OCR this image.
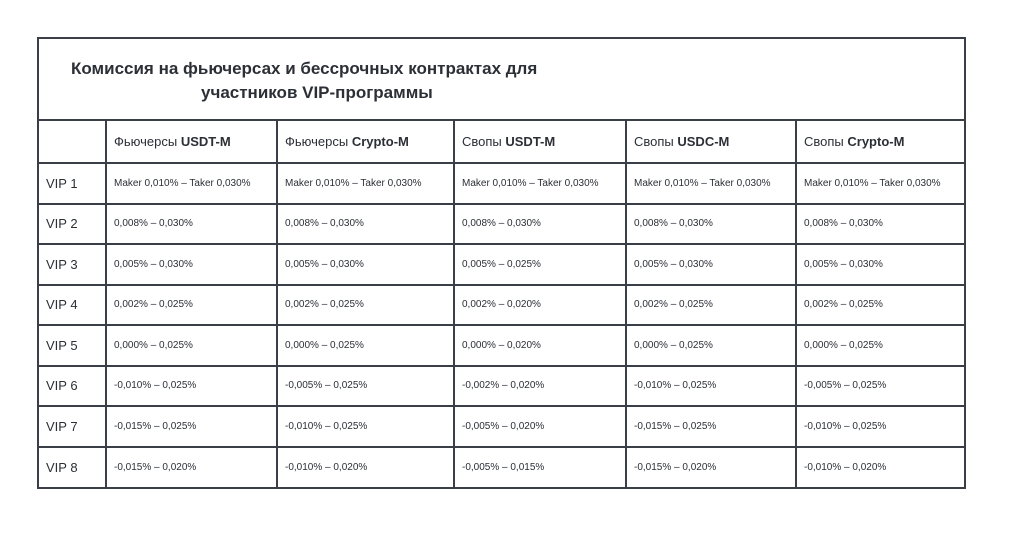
Комиссия на фьючерсах и бессрочных контрактах для
участников VIP-программы
	Фьючерсы USDT-M	Фьючерсы Crypto-M	Свопы USDT-M	Свопы USDC-M	Свопы Crypto-M
VIP 1	Maker 0,010% – Taker 0,030%	Maker 0,010% – Taker 0,030%	Maker 0,010% – Taker 0,030%	Maker 0,010% – Taker 0,030%	Maker 0,010% – Taker 0,030%
VIP 2	0,008% – 0,030%	0,008% – 0,030%	0,008% – 0,030%	0,008% – 0,030%	0,008% – 0,030%
VIP 3	0,005% – 0,030%	0,005% – 0,030%	0,005% – 0,025%	0,005% – 0,030%	0,005% – 0,030%
VIP 4	0,002% – 0,025%	0,002% – 0,025%	0,002% – 0,020%	0,002% – 0,025%	0,002% – 0,025%
VIP 5	0,000% – 0,025%	0,000% – 0,025%	0,000% – 0,020%	0,000% – 0,025%	0,000% – 0,025%
VIP 6	-0,010% – 0,025%	-0,005% – 0,025%	-0,002% – 0,020%	-0,010% – 0,025%	-0,005% – 0,025%
VIP 7	-0,015% – 0,025%	-0,010% – 0,025%	-0,005% – 0,020%	-0,015% – 0,025%	-0,010% – 0,025%
VIP 8	-0,015% – 0,020%	-0,010% – 0,020%	-0,005% – 0,015%	-0,015% – 0,020%	-0,010% – 0,020%
